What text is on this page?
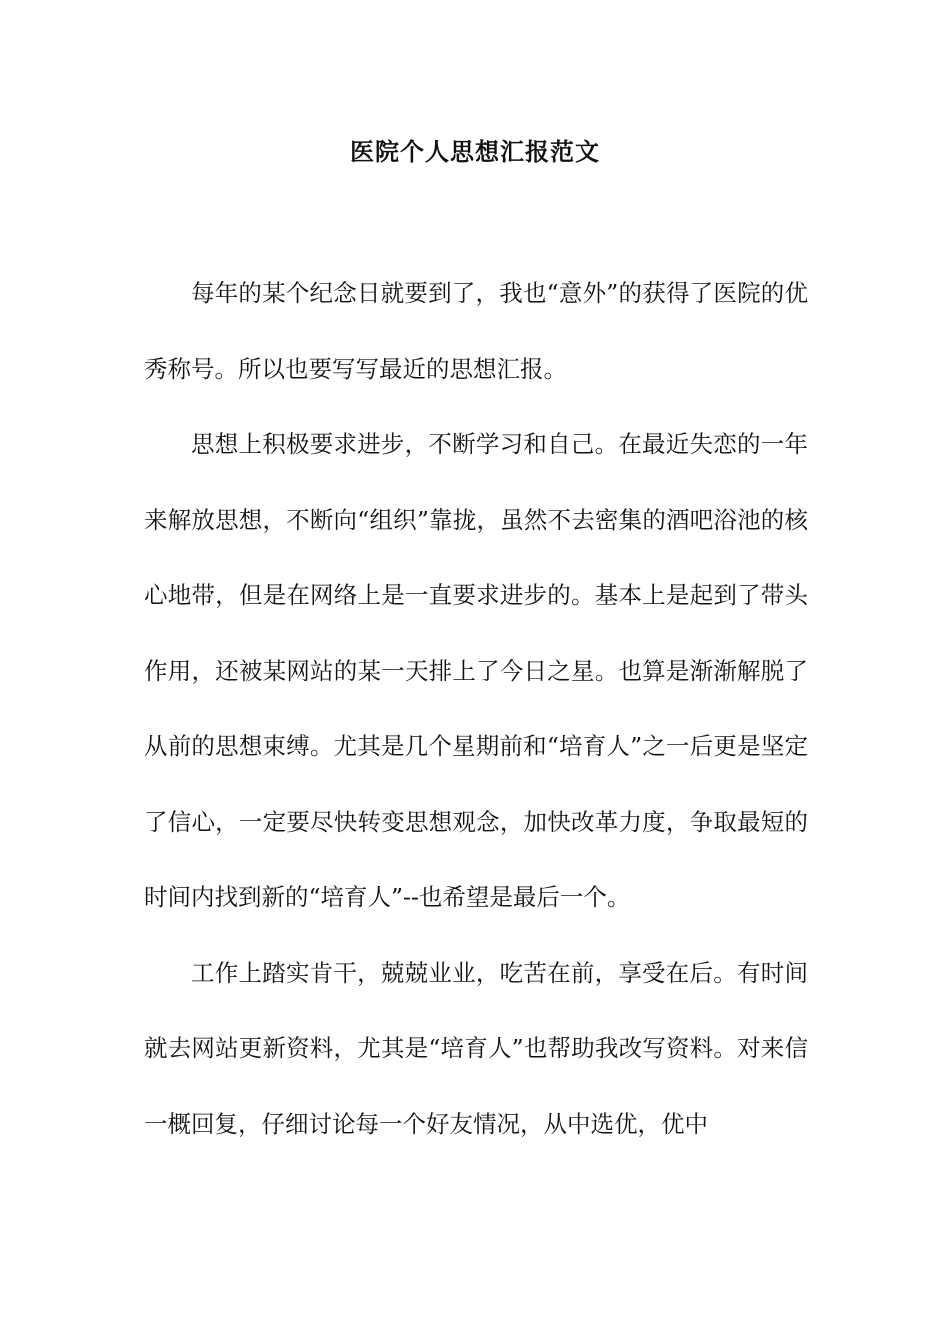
医院个人思想汇报范文

每年的某个纪念日就要到了，我也“意外”的获得了医院的优秀称号。所以也要写写最近的思想汇报。

思想上积极要求进步，不断学习和自己。在最近失恋的一年来解放思想，不断向“组织”靠拢，虽然不去密集的酒吧浴池的核心地带，但是在网络上是一直要求进步的。基本上是起到了带头作用，还被某网站的某一天排上了今日之星。也算是渐渐解脱了从前的思想束缚。尤其是几个星期前和“培育人”之一后更是坚定了信心，一定要尽快转变思想观念，加快改革力度，争取最短的时间内找到新的“培育人”--也希望是最后一个。

工作上踏实肯干，兢兢业业，吃苦在前，享受在后。有时间就去网站更新资料，尤其是“培育人”也帮助我改写资料。对来信一概回复，仔细讨论每一个好友情况，从中选优，优中
